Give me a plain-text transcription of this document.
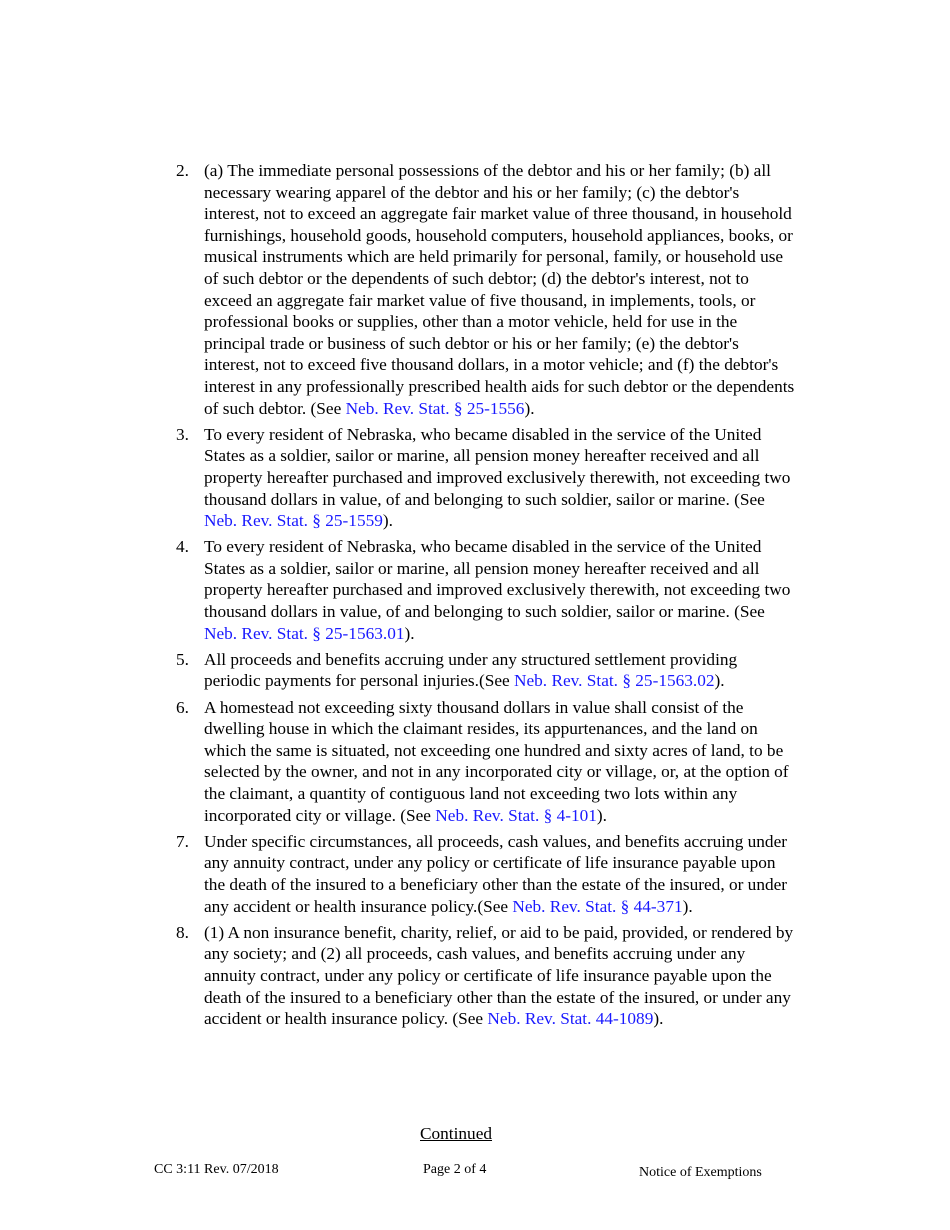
2. (a) The immediate personal possessions of the debtor and his or her family; (b) all necessary wearing apparel of the debtor and his or her family; (c) the debtor's interest, not to exceed an aggregate fair market value of three thousand, in household furnishings, household goods, household computers, household appliances, books, or musical instruments which are held primarily for personal, family, or household use of such debtor or the dependents of such debtor; (d) the debtor's interest, not to exceed an aggregate fair market value of five thousand, in implements, tools, or professional books or supplies, other than a motor vehicle, held for use in the principal trade or business of such debtor or his or her family; (e) the debtor's interest, not to exceed five thousand dollars, in a motor vehicle; and (f) the debtor's interest in any professionally prescribed health aids for such debtor or the dependents of such debtor. (See Neb. Rev. Stat. § 25-1556).
3. To every resident of Nebraska, who became disabled in the service of the United States as a soldier, sailor or marine, all pension money hereafter received and all property hereafter purchased and improved exclusively therewith, not exceeding two thousand dollars in value, of and belonging to such soldier, sailor or marine. (See Neb. Rev. Stat. § 25-1559).
4. To every resident of Nebraska, who became disabled in the service of the United States as a soldier, sailor or marine, all pension money hereafter received and all property hereafter purchased and improved exclusively therewith, not exceeding two thousand dollars in value, of and belonging to such soldier, sailor or marine. (See Neb. Rev. Stat. § 25-1563.01).
5. All proceeds and benefits accruing under any structured settlement providing periodic payments for personal injuries.(See Neb. Rev. Stat. § 25-1563.02).
6. A homestead not exceeding sixty thousand dollars in value shall consist of the dwelling house in which the claimant resides, its appurtenances, and the land on which the same is situated, not exceeding one hundred and sixty acres of land, to be selected by the owner, and not in any incorporated city or village, or, at the option of the claimant, a quantity of contiguous land not exceeding two lots within any incorporated city or village. (See Neb. Rev. Stat. § 4-101).
7. Under specific circumstances, all proceeds, cash values, and benefits accruing under any annuity contract, under any policy or certificate of life insurance payable upon the death of the insured to a beneficiary other than the estate of the insured, or under any accident or health insurance policy.(See Neb. Rev. Stat. § 44-371).
8. (1) A non insurance benefit, charity, relief, or aid to be paid, provided, or rendered by any society; and (2) all proceeds, cash values, and benefits accruing under any annuity contract, under any policy or certificate of life insurance payable upon the death of the insured to a beneficiary other than the estate of the insured, or under any accident or health insurance policy. (See Neb. Rev. Stat. 44-1089).
Continued
CC 3:11 Rev. 07/2018	Page 2 of 4	Notice of Exemptions
